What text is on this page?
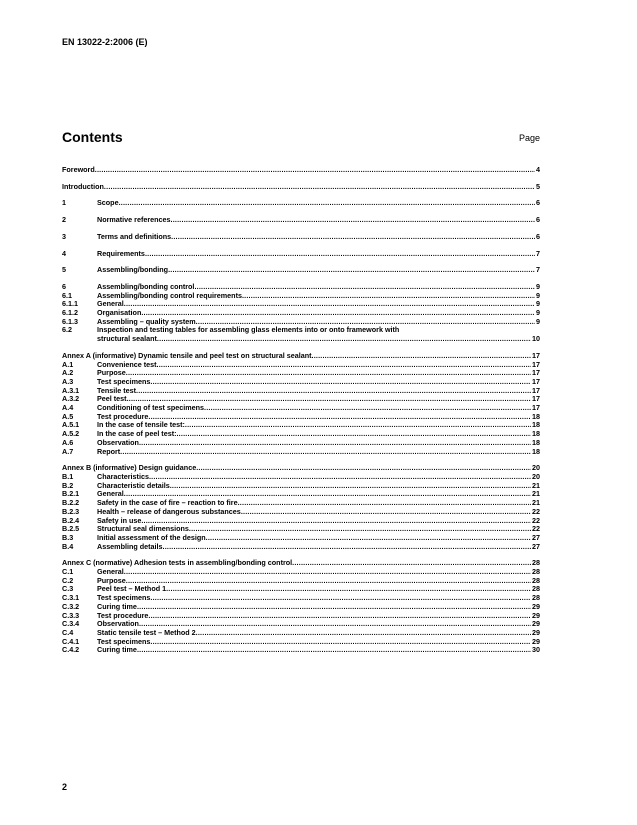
EN 13022-2:2006 (E)
Contents	Page
Foreword .....	4
Introduction .....	5
1	Scope .....	6
2	Normative references .....	6
3	Terms and definitions .....	6
4	Requirements .....	7
5	Assembling/bonding .....	7
6	Assembling/bonding control .....	9
6.1	Assembling/bonding control requirements .....	9
6.1.1	General .....	9
6.1.2	Organisation .....	9
6.1.3	Assembling – quality system .....	9
6.2	Inspection and testing tables for assembling glass elements into or onto framework with
structural sealant .....	10
Annex A (informative) Dynamic tensile and peel test on structural sealant .....	17
A.1	Convenience test .....	17
A.2	Purpose .....	17
A.3	Test specimens .....	17
A.3.1	Tensile test .....	17
A.3.2	Peel test .....	17
A.4	Conditioning of test specimens .....	17
A.5	Test procedure .....	18
A.5.1	In the case of tensile test: .....	18
A.5.2	In the case of peel test: .....	18
A.6	Observation .....	18
A.7	Report .....	18
Annex B (informative) Design guidance .....	20
B.1	Characteristics .....	20
B.2	Characteristic details .....	21
B.2.1	General .....	21
B.2.2	Safety in the case of fire – reaction to fire .....	21
B.2.3	Health – release of dangerous substances .....	22
B.2.4	Safety in use .....	22
B.2.5	Structural seal dimensions .....	22
B.3	Initial assessment of the design .....	27
B.4	Assembling details .....	27
Annex C (normative) Adhesion tests in assembling/bonding control .....	28
C.1	General .....	28
C.2	Purpose .....	28
C.3	Peel test – Method 1 .....	28
C.3.1	Test specimens .....	28
C.3.2	Curing time .....	29
C.3.3	Test procedure .....	29
C.3.4	Observation .....	29
C.4	Static tensile test – Method 2 .....	29
C.4.1	Test specimens .....	29
C.4.2	Curing time .....	30
2
